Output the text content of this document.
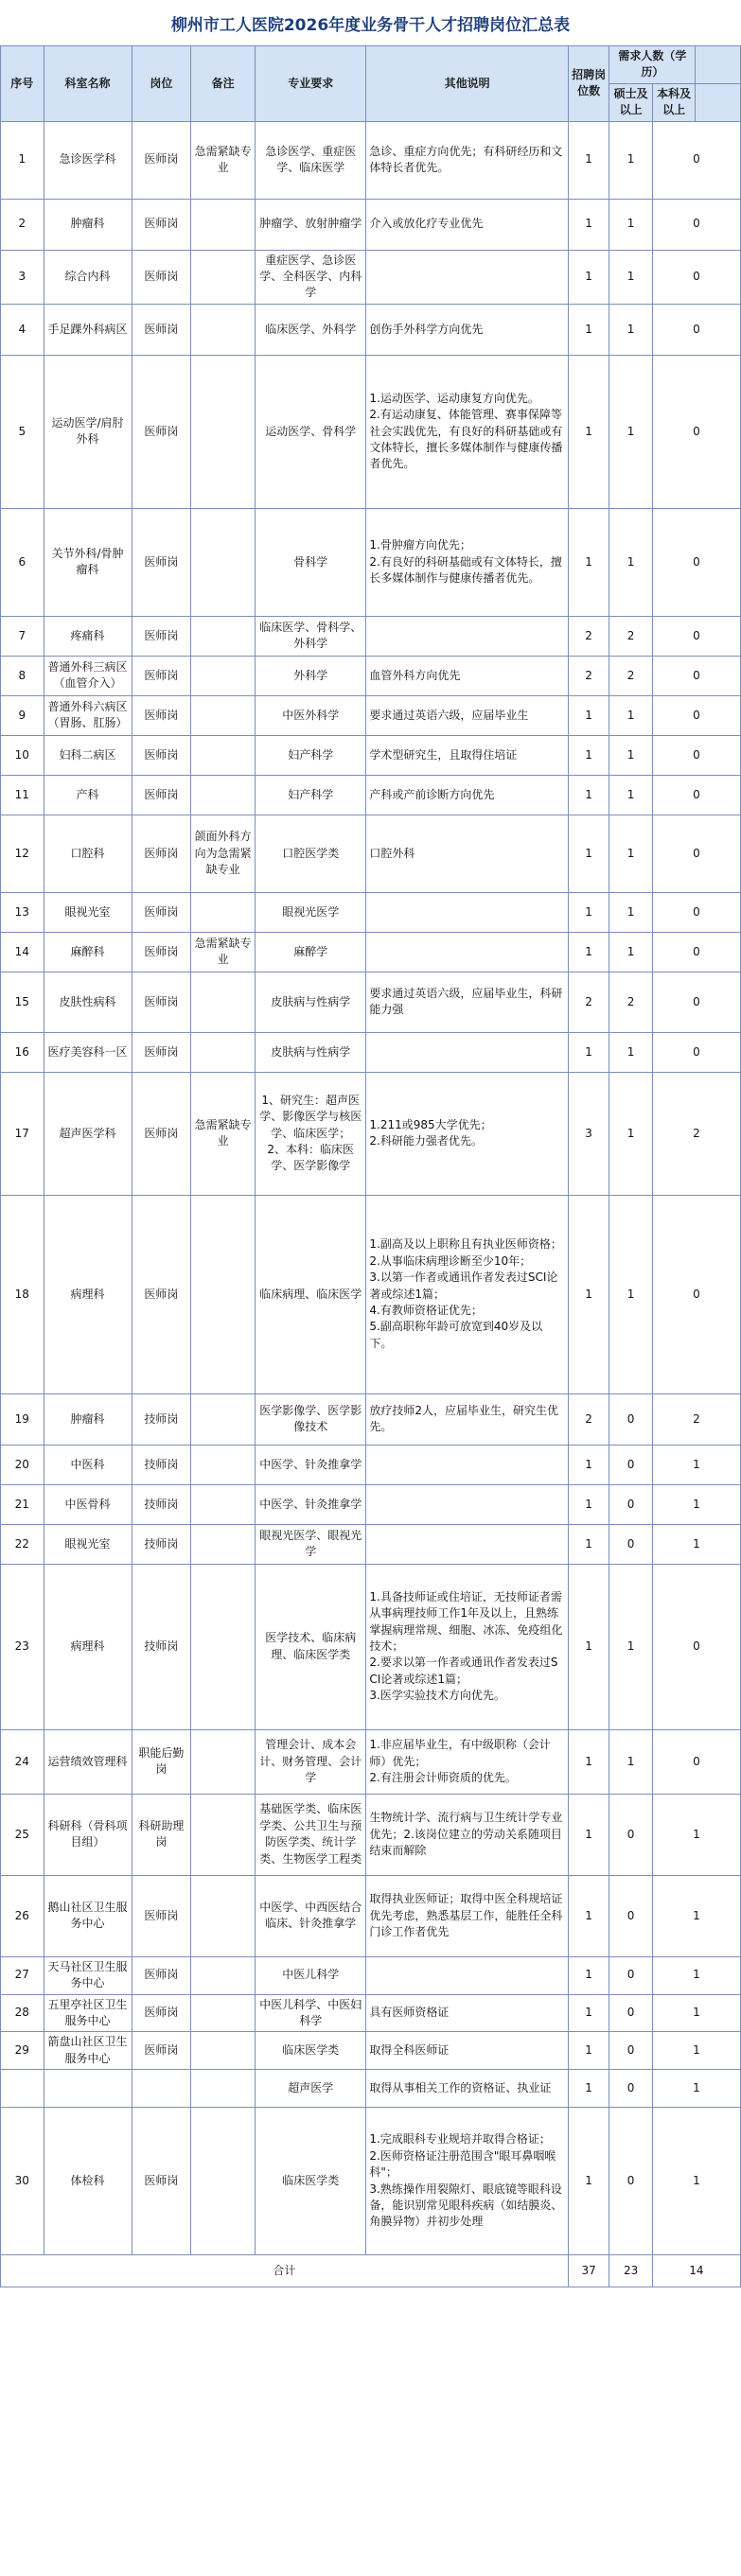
柳州市工人医院2026年度业务骨干人才招聘岗位汇总表
序号	科室名称	岗位	备注	专业要求	其他说明	招聘岗位数	需求人数（学历）		
							硕士及以上	本科及以上	
1	急诊医学科	医师岗	急需紧缺专业	急诊医学、重症医学、临床医学	急诊、重症方向优先；有科研经历和文体特长者优先。	1	1	0	
2	肿瘤科	医师岗		肿瘤学、放射肿瘤学	介入或放化疗专业优先	1	1	0	
3	综合内科	医师岗		重症医学、急诊医学、全科医学、内科学		1	1	0	
4	手足踝外科病区	医师岗		临床医学、外科学	创伤手外科学方向优先	1	1	0	
5	运动医学/肩肘外科	医师岗		运动医学、骨科学	1.运动医学、运动康复方向优先。
2.有运动康复、体能管理、赛事保障等社会实践优先，有良好的科研基础或有文体特长，擅长多媒体制作与健康传播者优先。	1	1	0	
6	关节外科/骨肿瘤科	医师岗		骨科学	1.骨肿瘤方向优先；
2.有良好的科研基础或有文体特长，擅长多媒体制作与健康传播者优先。	1	1	0	
7	疼痛科	医师岗		临床医学、骨科学、外科学		2	2	0	
8	普通外科三病区（血管介入）	医师岗		外科学	血管外科方向优先	2	2	0	
9	普通外科六病区（胃肠、肛肠）	医师岗		中医外科学	要求通过英语六级，应届毕业生	1	1	0	
10	妇科二病区	医师岗		妇产科学	学术型研究生，且取得住培证	1	1	0	
11	产科	医师岗		妇产科学	产科或产前诊断方向优先	1	1	0	
12	口腔科	医师岗	颌面外科方向为急需紧缺专业	口腔医学类	口腔外科	1	1	0	
13	眼视光室	医师岗		眼视光医学		1	1	0	
14	麻醉科	医师岗	急需紧缺专业	麻醉学		1	1	0	
15	皮肤性病科	医师岗		皮肤病与性病学	要求通过英语六级，应届毕业生，科研能力强	2	2	0	
16	医疗美容科一区	医师岗		皮肤病与性病学		1	1	0	
17	超声医学科	医师岗	急需紧缺专业	1、研究生：超声医学、影像医学与核医学、临床医学；
2、本科：临床医学、医学影像学	1.211或985大学优先；
2.科研能力强者优先。	3	1	2	
18	病理科	医师岗		临床病理、临床医学	1.副高及以上职称且有执业医师资格；
2.从事临床病理诊断至少10年；
3.以第一作者或通讯作者发表过SCI论著或综述1篇；
4.有教师资格证优先；
5.副高职称年龄可放宽到40岁及以下。	1	1	0	
19	肿瘤科	技师岗		医学影像学、医学影像技术	放疗技师2人，应届毕业生，研究生优先。	2	0	2	
20	中医科	技师岗		中医学、针灸推拿学		1	0	1	
21	中医骨科	技师岗		中医学、针灸推拿学		1	0	1	
22	眼视光室	技师岗		眼视光医学、眼视光学		1	0	1	
23	病理科	技师岗		医学技术、临床病理、临床医学类	1.具备技师证或住培证，无技师证者需从事病理技师工作1年及以上，且熟练掌握病理常规、细胞、冰冻、免疫组化技术；
2.要求以第一作者或通讯作者发表过SCI论著或综述1篇；
3.医学实验技术方向优先。	1	1	0	
24	运营绩效管理科	职能后勤岗		管理会计、成本会计、财务管理、会计学	1.非应届毕业生，有中级职称（会计师）优先；
2.有注册会计师资质的优先。	1	1	0	
25	科研科（骨科项目组）	科研助理岗		基础医学类、临床医学类、公共卫生与预防医学类、统计学类、生物医学工程类	生物统计学、流行病与卫生统计学专业优先；2.该岗位建立的劳动关系随项目结束而解除	1	0	1	
26	鹅山社区卫生服务中心	医师岗		中医学、中西医结合临床、针灸推拿学	取得执业医师证；取得中医全科规培证优先考虑，熟悉基层工作，能胜任全科门诊工作者优先	1	0	1	
27	天马社区卫生服务中心	医师岗		中医儿科学		1	0	1	
28	五里亭社区卫生服务中心	医师岗		中医儿科学、中医妇科学	具有医师资格证	1	0	1	
29	箭盘山社区卫生服务中心	医师岗		临床医学类	取得全科医师证	1	0	1	
				超声医学	取得从事相关工作的资格证、执业证	1	0	1	
30	体检科	医师岗		临床医学类	1.完成眼科专业规培并取得合格证；
2.医师资格证注册范围含"眼耳鼻咽喉科"；
3.熟练操作用裂隙灯、眼底镜等眼科设备，能识别常见眼科疾病（如结膜炎、角膜异物）并初步处理	1	0	1	
合计						37	23	14	
